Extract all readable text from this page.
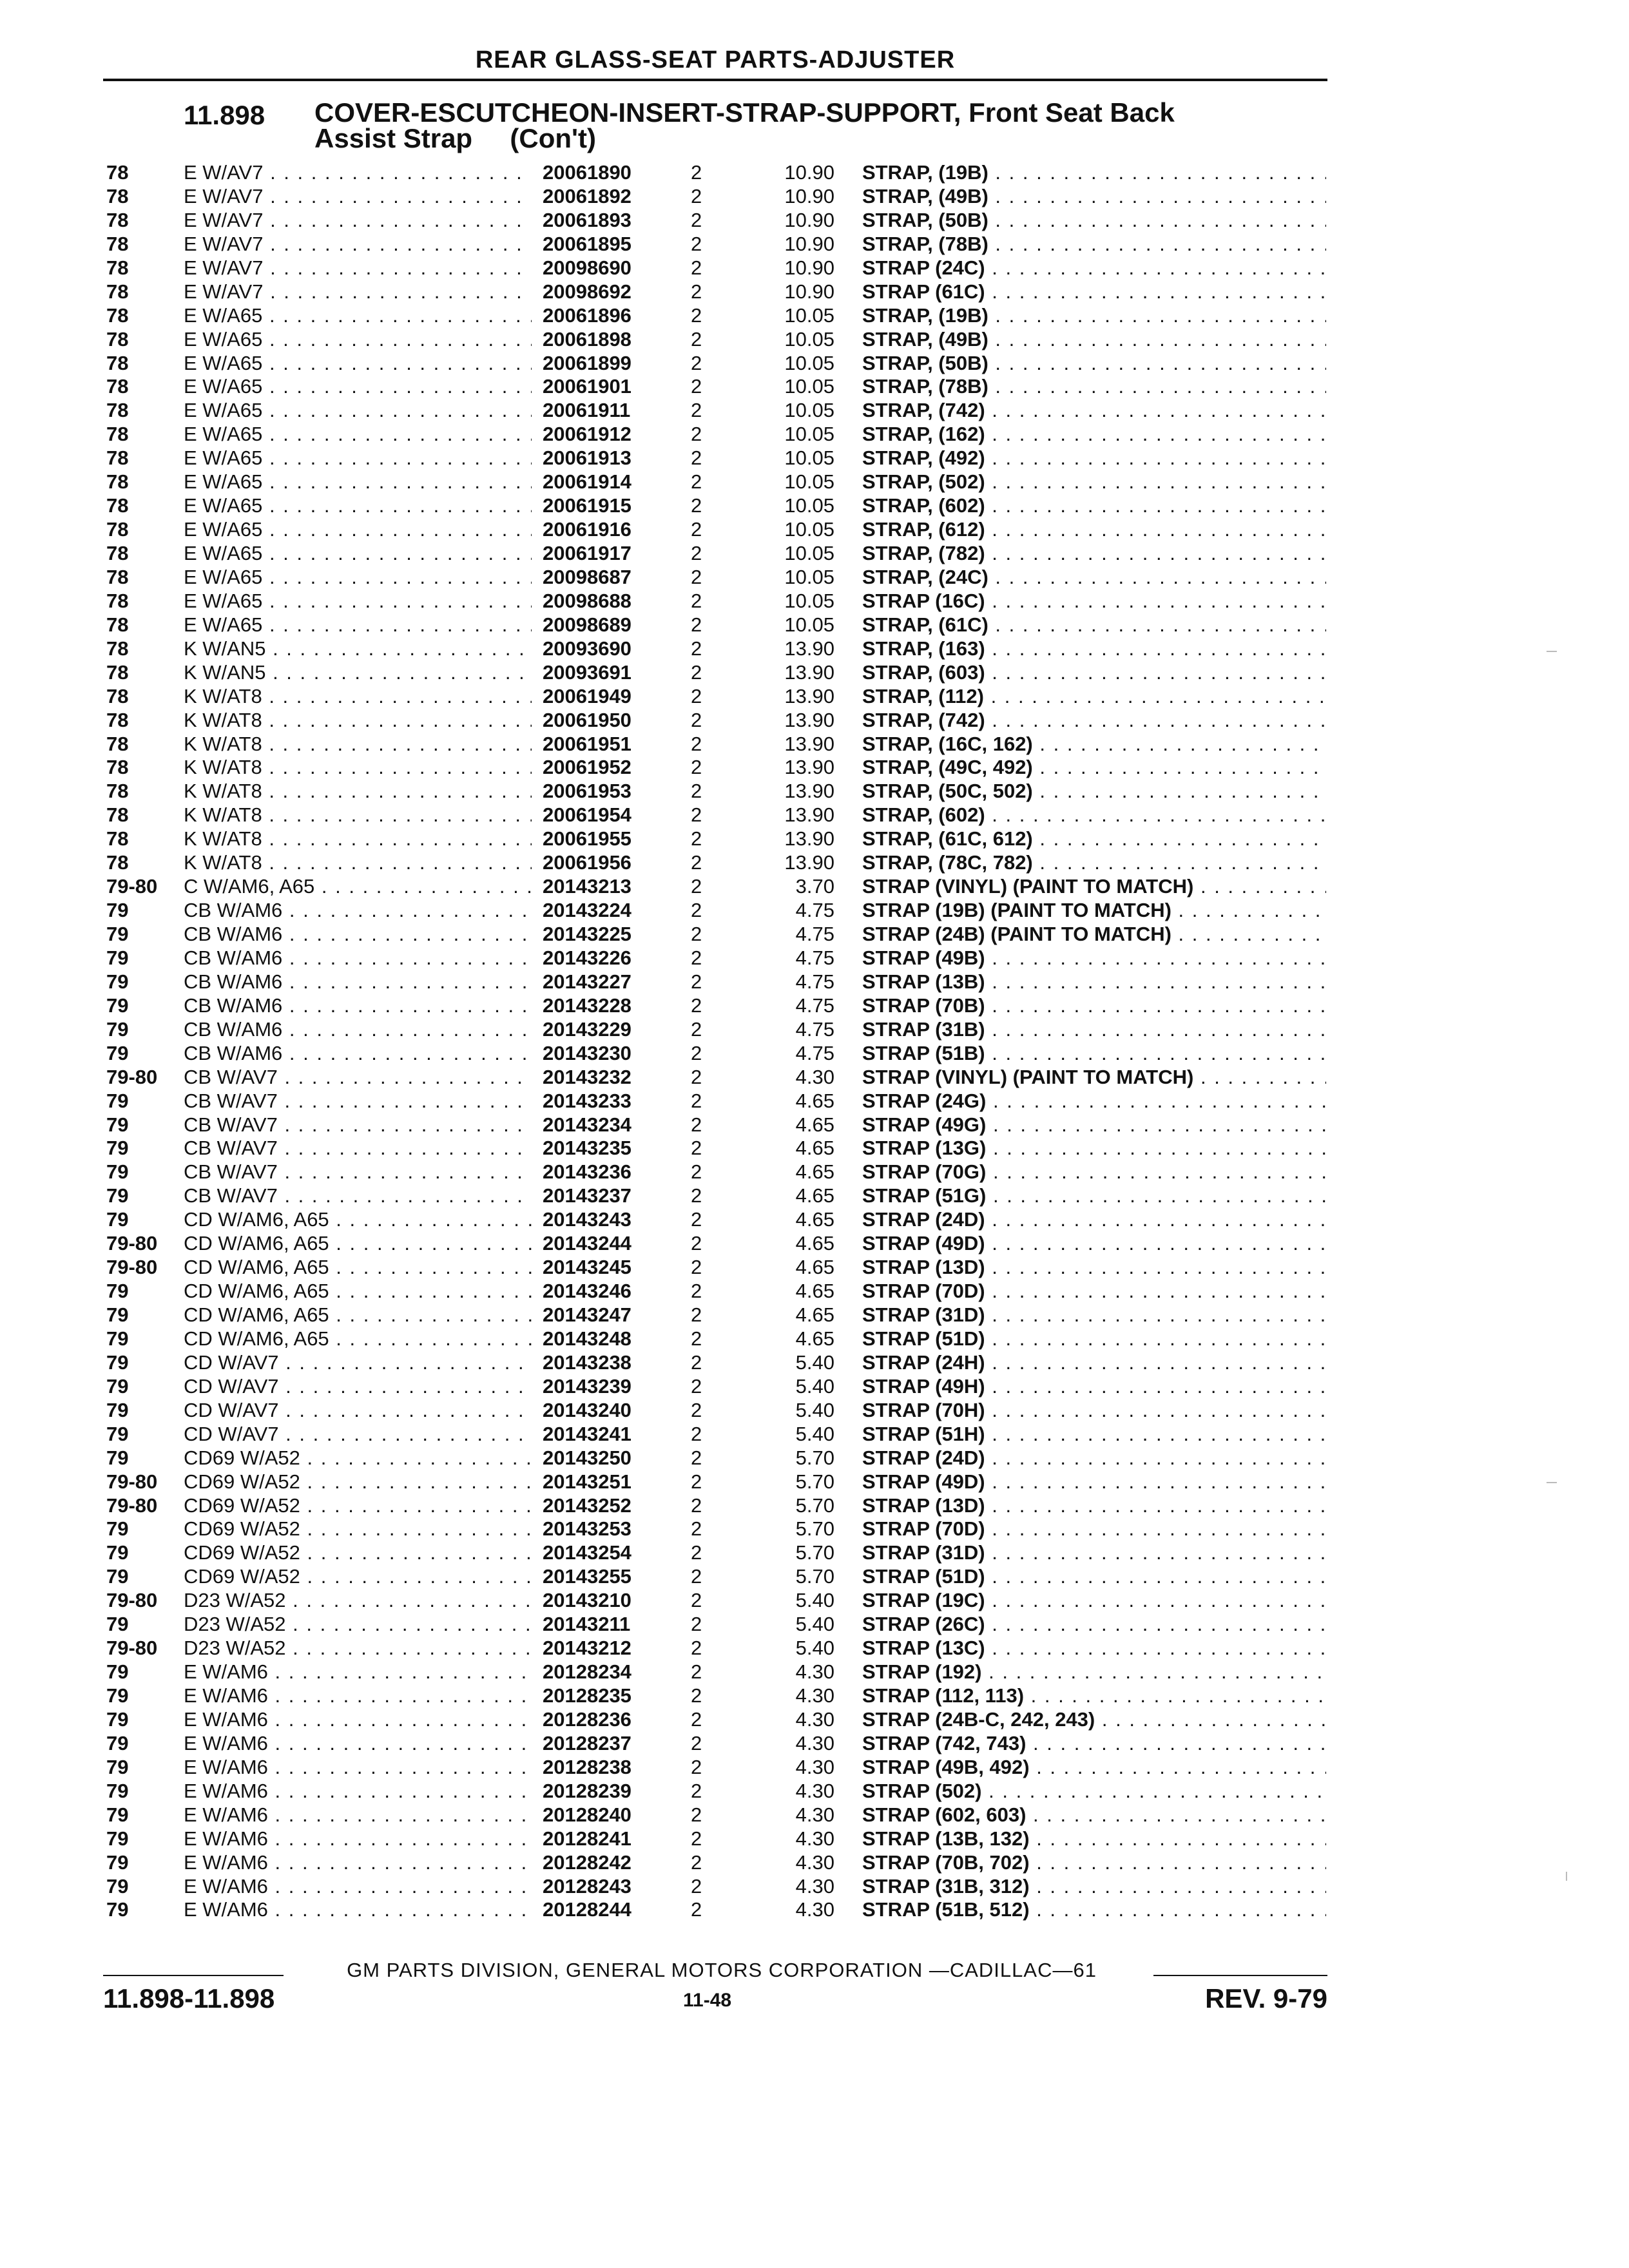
REAR GLASS-SEAT PARTS-ADJUSTER
11.898 COVER-ESCUTCHEON-INSERT-STRAP-SUPPORT, Front Seat Back
Assist Strap     (Con't)
78	E W/AV7 . . .	20061890	2	10.90 STRAP, (19B) . . .
78	E W/AV7 . . .	20061892	2	10.90 STRAP, (49B) . . .
78	E W/AV7 . . .	20061893	2	10.90 STRAP, (50B) . . .
78	E W/AV7 . . .	20061895	2	10.90 STRAP, (78B) . . .
78	E W/AV7 . . .	20098690	2	10.90 STRAP (24C) . . .
78	E W/AV7 . . .	20098692	2	10.90 STRAP (61C) . . .
78	E W/A65 . . .	20061896	2	10.05 STRAP, (19B) . . .
78	E W/A65 . . .	20061898	2	10.05 STRAP, (49B) . . .
78	E W/A65 . . .	20061899	2	10.05 STRAP, (50B) . . .
78	E W/A65 . . .	20061901	2	10.05 STRAP, (78B) . . .
78	E W/A65 . . .	20061911	2	10.05 STRAP, (742) . . .
78	E W/A65 . . .	20061912	2	10.05 STRAP, (162) . . .
78	E W/A65 . . .	20061913	2	10.05 STRAP, (492) . . .
78	E W/A65 . . .	20061914	2	10.05 STRAP, (502) . . .
78	E W/A65 . . .	20061915	2	10.05 STRAP, (602) . . .
78	E W/A65 . . .	20061916	2	10.05 STRAP, (612) . . .
78	E W/A65 . . .	20061917	2	10.05 STRAP, (782) . . .
78	E W/A65 . . .	20098687	2	10.05 STRAP, (24C) . . .
78	E W/A65 . . .	20098688	2	10.05 STRAP (16C) . . .
78	E W/A65 . . .	20098689	2	10.05 STRAP, (61C) . . .
78	K W/AN5 . . .	20093690	2	13.90 STRAP, (163) . . .
78	K W/AN5 . . .	20093691	2	13.90 STRAP, (603) . . .
78	K W/AT8 . . .	20061949	2	13.90 STRAP, (112) . . .
78	K W/AT8 . . .	20061950	2	13.90 STRAP, (742) . . .
78	K W/AT8 . . .	20061951	2	13.90 STRAP, (16C, 162) . . .
78	K W/AT8 . . .	20061952	2	13.90 STRAP, (49C, 492) . . .
78	K W/AT8 . . .	20061953	2	13.90 STRAP, (50C, 502) . . .
78	K W/AT8 . . .	20061954	2	13.90 STRAP, (602) . . .
78	K W/AT8 . . .	20061955	2	13.90 STRAP, (61C, 612) . . .
78	K W/AT8 . . .	20061956	2	13.90 STRAP, (78C, 782) . . .
79-80 C W/AM6, A65 . . .	20143213	2	3.70 STRAP (VINYL) (PAINT TO MATCH) . . .
79	CB W/AM6 . . .	20143224	2	4.75 STRAP (19B) (PAINT TO MATCH) . . .
79	CB W/AM6 . . .	20143225	2	4.75 STRAP (24B) (PAINT TO MATCH) . . .
79	CB W/AM6 . . .	20143226	2	4.75 STRAP (49B) . . .
79	CB W/AM6 . . .	20143227	2	4.75 STRAP (13B) . . .
79	CB W/AM6 . . .	20143228	2	4.75 STRAP (70B) . . .
79	CB W/AM6 . . .	20143229	2	4.75 STRAP (31B) . . .
79	CB W/AM6 . . .	20143230	2	4.75 STRAP (51B) . . .
79-80 CB W/AV7 . . .	20143232	2	4.30 STRAP (VINYL) (PAINT TO MATCH) . . .
79	CB W/AV7 . . .	20143233	2	4.65 STRAP (24G) . . .
79	CB W/AV7 . . .	20143234	2	4.65 STRAP (49G) . . .
79	CB W/AV7 . . .	20143235	2	4.65 STRAP (13G) . . .
79	CB W/AV7 . . .	20143236	2	4.65 STRAP (70G) . . .
79	CB W/AV7 . . .	20143237	2	4.65 STRAP (51G) . . .
79	CD W/AM6, A65 . . .	20143243	2	4.65 STRAP (24D) . . .
79-80 CD W/AM6, A65 . . .	20143244	2	4.65 STRAP (49D) . . .
79-80 CD W/AM6, A65 . . .	20143245	2	4.65 STRAP (13D) . . .
79	CD W/AM6, A65 . . .	20143246	2	4.65 STRAP (70D) . . .
79	CD W/AM6, A65 . . .	20143247	2	4.65 STRAP (31D) . . .
79	CD W/AM6, A65 . . .	20143248	2	4.65 STRAP (51D) . . .
79	CD W/AV7 . . .	20143238	2	5.40 STRAP (24H) . . .
79	CD W/AV7 . . .	20143239	2	5.40 STRAP (49H) . . .
79	CD W/AV7 . . .	20143240	2	5.40 STRAP (70H) . . .
79	CD W/AV7 . . .	20143241	2	5.40 STRAP (51H) . . .
79	CD69 W/A52 . . .	20143250	2	5.70 STRAP (24D) . . .
79-80 CD69 W/A52 . . .	20143251	2	5.70 STRAP (49D) . . .
79-80 CD69 W/A52 . . .	20143252	2	5.70 STRAP (13D) . . .
79	CD69 W/A52 . . .	20143253	2	5.70 STRAP (70D) . . .
79	CD69 W/A52 . . .	20143254	2	5.70 STRAP (31D) . . .
79	CD69 W/A52 . . .	20143255	2	5.70 STRAP (51D) . . .
79-80 D23 W/A52 . . .	20143210	2	5.40 STRAP (19C) . . .
79	D23 W/A52 . . .	20143211	2	5.40 STRAP (26C) . . .
79-80 D23 W/A52 . . .	20143212	2	5.40 STRAP (13C) . . .
79	E W/AM6 . . .	20128234	2	4.30 STRAP (192) . . .
79	E W/AM6 . . .	20128235	2	4.30 STRAP (112, 113) . . .
79	E W/AM6 . . .	20128236	2	4.30 STRAP (24B-C, 242, 243) . . .
79	E W/AM6 . . .	20128237	2	4.30 STRAP (742, 743) . . .
79	E W/AM6 . . .	20128238	2	4.30 STRAP (49B, 492) . . .
79	E W/AM6 . . .	20128239	2	4.30 STRAP (502) . . .
79	E W/AM6 . . .	20128240	2	4.30 STRAP (602, 603) . . .
79	E W/AM6 . . .	20128241	2	4.30 STRAP (13B, 132) . . .
79	E W/AM6 . . .	20128242	2	4.30 STRAP (70B, 702) . . .
79	E W/AM6 . . .	20128243	2	4.30 STRAP (31B, 312) . . .
79	E W/AM6 . . .	20128244	2	4.30 STRAP (51B, 512) . . .
GM PARTS DIVISION, GENERAL MOTORS CORPORATION —CADILLAC—61
11.898-11.898	11-48	REV. 9-79
